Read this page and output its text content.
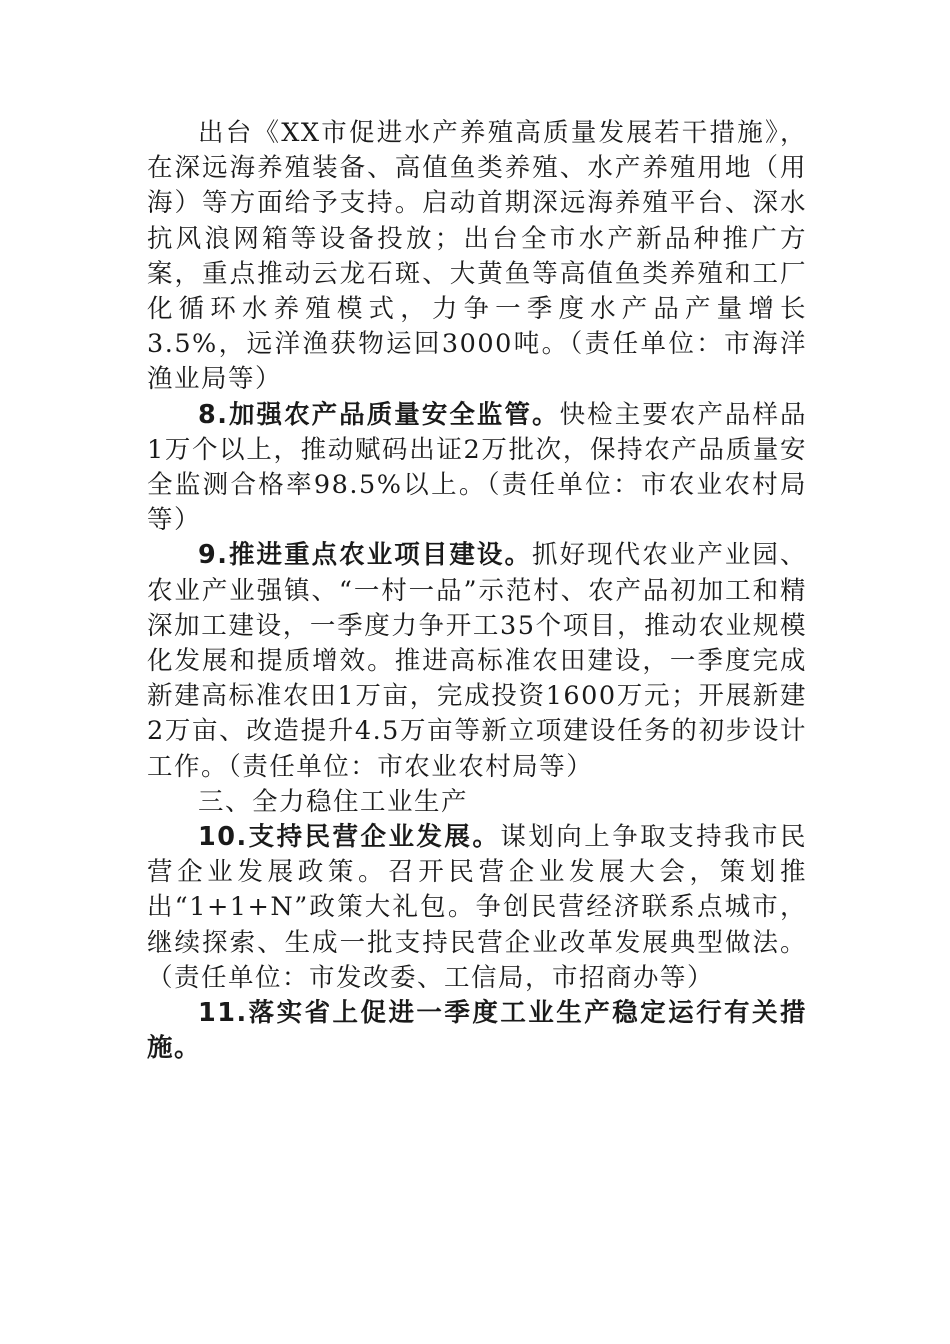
出台《XX市促进水产养殖高质量发展若干措施》，在深远海养殖装备、高值鱼类养殖、水产养殖用地（用海）等方面给予支持。启动首期深远海养殖平台、深水抗风浪网箱等设备投放；出台全市水产新品种推广方案，重点推动云龙石斑、大黄鱼等高值鱼类养殖和工厂化循环水养殖模式，力争一季度水产品产量增长3.5%，远洋渔获物运回3000吨。（责任单位：市海洋渔业局等）

8.加强农产品质量安全监管。快检主要农产品样品1万个以上，推动赋码出证2万批次，保持农产品质量安全监测合格率98.5%以上。（责任单位：市农业农村局等）

9.推进重点农业项目建设。抓好现代农业产业园、农业产业强镇、“一村一品”示范村、农产品初加工和精深加工建设，一季度力争开工35个项目，推动农业规模化发展和提质增效。推进高标准农田建设，一季度完成新建高标准农田1万亩，完成投资1600万元；开展新建2万亩、改造提升4.5万亩等新立项建设任务的初步设计工作。（责任单位：市农业农村局等）

三、全力稳住工业生产

10.支持民营企业发展。谋划向上争取支持我市民营企业发展政策。召开民营企业发展大会，策划推出“1+1+N”政策大礼包。争创民营经济联系点城市，继续探索、生成一批支持民营企业改革发展典型做法。（责任单位：市发改委、工信局，市招商办等）

11.落实省上促进一季度工业生产稳定运行有关措施。
